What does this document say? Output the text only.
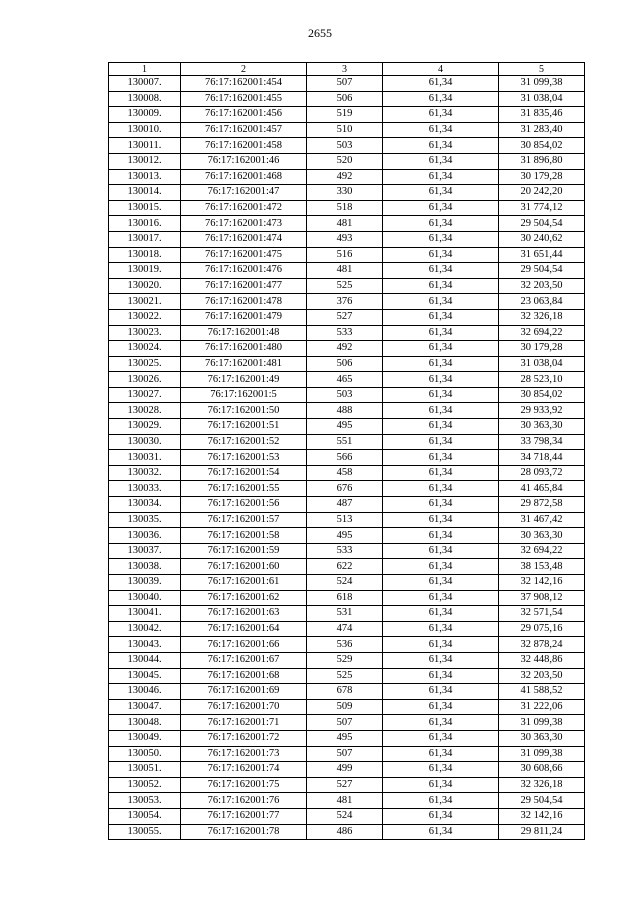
2655
1	2	3	4	5
130007.	76:17:162001:454	507	61,34	31 099,38
130008.	76:17:162001:455	506	61,34	31 038,04
130009.	76:17:162001:456	519	61,34	31 835,46
130010.	76:17:162001:457	510	61,34	31 283,40
130011.	76:17:162001:458	503	61,34	30 854,02
130012.	76:17:162001:46	520	61,34	31 896,80
130013.	76:17:162001:468	492	61,34	30 179,28
130014.	76:17:162001:47	330	61,34	20 242,20
130015.	76:17:162001:472	518	61,34	31 774,12
130016.	76:17:162001:473	481	61,34	29 504,54
130017.	76:17:162001:474	493	61,34	30 240,62
130018.	76:17:162001:475	516	61,34	31 651,44
130019.	76:17:162001:476	481	61,34	29 504,54
130020.	76:17:162001:477	525	61,34	32 203,50
130021.	76:17:162001:478	376	61,34	23 063,84
130022.	76:17:162001:479	527	61,34	32 326,18
130023.	76:17:162001:48	533	61,34	32 694,22
130024.	76:17:162001:480	492	61,34	30 179,28
130025.	76:17:162001:481	506	61,34	31 038,04
130026.	76:17:162001:49	465	61,34	28 523,10
130027.	76:17:162001:5	503	61,34	30 854,02
130028.	76:17:162001:50	488	61,34	29 933,92
130029.	76:17:162001:51	495	61,34	30 363,30
130030.	76:17:162001:52	551	61,34	33 798,34
130031.	76:17:162001:53	566	61,34	34 718,44
130032.	76:17:162001:54	458	61,34	28 093,72
130033.	76:17:162001:55	676	61,34	41 465,84
130034.	76:17:162001:56	487	61,34	29 872,58
130035.	76:17:162001:57	513	61,34	31 467,42
130036.	76:17:162001:58	495	61,34	30 363,30
130037.	76:17:162001:59	533	61,34	32 694,22
130038.	76:17:162001:60	622	61,34	38 153,48
130039.	76:17:162001:61	524	61,34	32 142,16
130040.	76:17:162001:62	618	61,34	37 908,12
130041.	76:17:162001:63	531	61,34	32 571,54
130042.	76:17:162001:64	474	61,34	29 075,16
130043.	76:17:162001:66	536	61,34	32 878,24
130044.	76:17:162001:67	529	61,34	32 448,86
130045.	76:17:162001:68	525	61,34	32 203,50
130046.	76:17:162001:69	678	61,34	41 588,52
130047.	76:17:162001:70	509	61,34	31 222,06
130048.	76:17:162001:71	507	61,34	31 099,38
130049.	76:17:162001:72	495	61,34	30 363,30
130050.	76:17:162001:73	507	61,34	31 099,38
130051.	76:17:162001:74	499	61,34	30 608,66
130052.	76:17:162001:75	527	61,34	32 326,18
130053.	76:17:162001:76	481	61,34	29 504,54
130054.	76:17:162001:77	524	61,34	32 142,16
130055.	76:17:162001:78	486	61,34	29 811,24
